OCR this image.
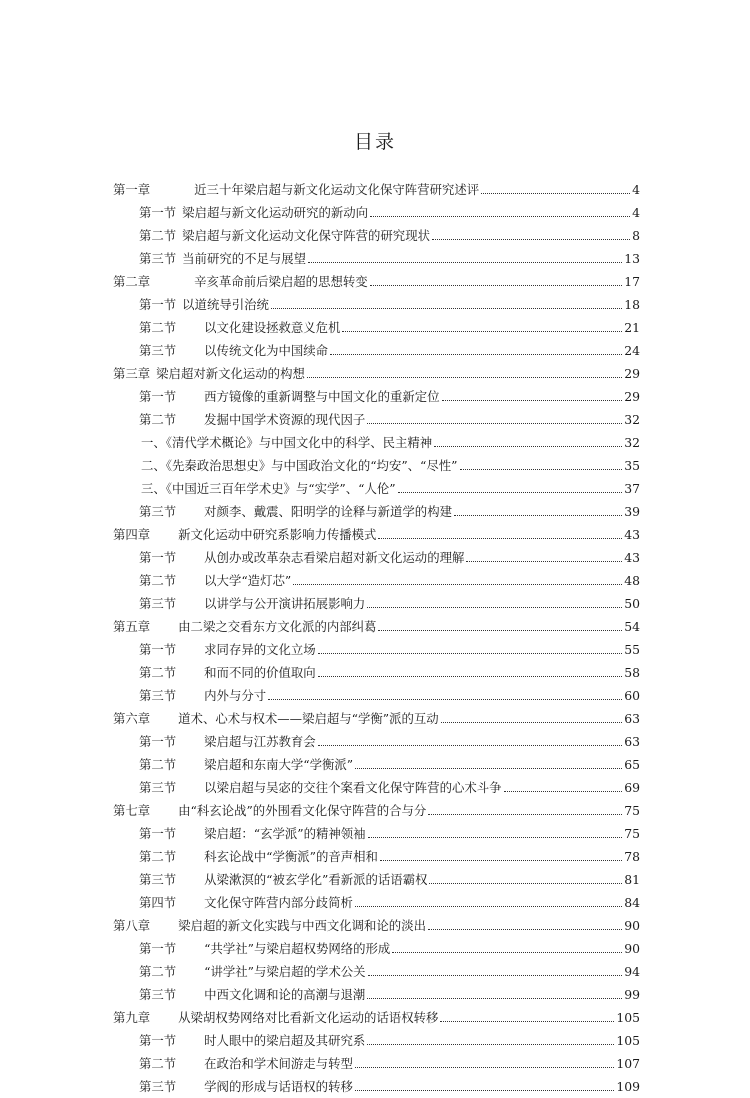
目录
第一章	近三十年梁启超与新文化运动文化保守阵营研究述评	4
第一节 梁启超与新文化运动研究的新动向	4
第二节 梁启超与新文化运动文化保守阵营的研究现状	8
第三节 当前研究的不足与展望	13
第二章	辛亥革命前后梁启超的思想转变	17
第一节 以道统导引治统	18
第二节 以文化建设拯救意义危机	21
第三节 以传统文化为中国续命	24
第三章 梁启超对新文化运动的构想	29
第一节 西方镜像的重新调整与中国文化的重新定位	29
第二节 发掘中国学术资源的现代因子	32
一、《清代学术概论》与中国文化中的科学、民主精神	32
二、《先秦政治思想史》与中国政治文化的“均安”、“尽性”	35
三、《中国近三百年学术史》与“实学”、“人伦”	37
第三节 对颜李、戴震、阳明学的诠释与新道学的构建	39
第四章 新文化运动中研究系影响力传播模式	43
第一节 从创办或改革杂志看梁启超对新文化运动的理解	43
第二节 以大学“造灯芯”	48
第三节 以讲学与公开演讲拓展影响力	50
第五章 由二梁之交看东方文化派的内部纠葛	54
第一节 求同存异的文化立场	55
第二节 和而不同的价值取向	58
第三节 内外与分寸	60
第六章 道术、心术与权术——梁启超与“学衡”派的互动	63
第一节 梁启超与江苏教育会	63
第二节 梁启超和东南大学“学衡派”	65
第三节 以梁启超与吴宓的交往个案看文化保守阵营的心术斗争	69
第七章 由“科玄论战”的外围看文化保守阵营的合与分	75
第一节 梁启超：“玄学派”的精神领袖	75
第二节 科玄论战中“学衡派”的音声相和	78
第三节 从梁漱溟的“被玄学化”看新派的话语霸权	81
第四节 文化保守阵营内部分歧简析	84
第八章 梁启超的新文化实践与中西文化调和论的淡出	90
第一节 “共学社”与梁启超权势网络的形成	90
第二节 “讲学社”与梁启超的学术公关	94
第三节 中西文化调和论的高潮与退潮	99
第九章 从梁胡权势网络对比看新文化运动的话语权转移	105
第一节 时人眼中的梁启超及其研究系	105
第二节 在政治和学术间游走与转型	107
第三节 学阀的形成与话语权的转移	109
